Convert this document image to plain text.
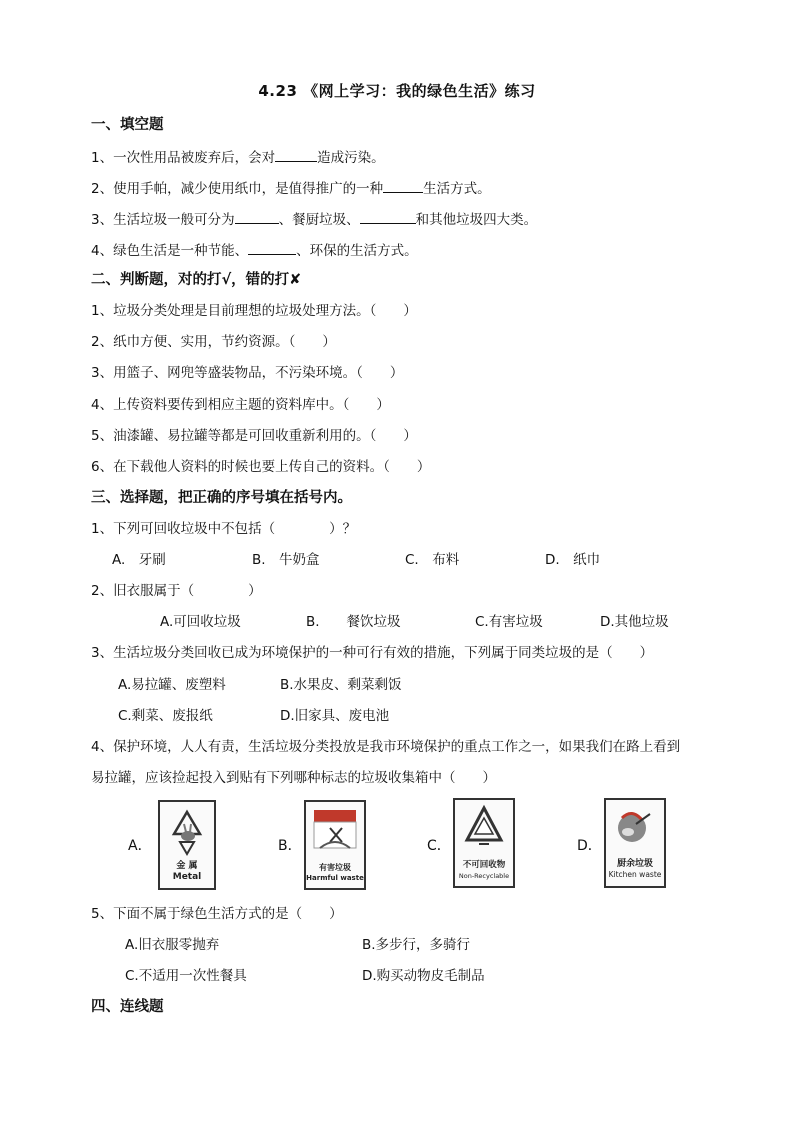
4.23 《网上学习：我的绿色生活》练习
一、填空题
1、一次性用品被废弃后，会对	造成污染。
2、使用手帕，减少使用纸巾，是值得推广的一种	生活方式。
3、生活垃圾一般可分为	、餐厨垃圾、	和其他垃圾四大类。
4、绿色生活是一种节能、	、环保的生活方式。
二、判断题，对的打√，错的打✘
1、垃圾分类处理是目前理想的垃圾处理方法。（　　）
2、纸巾方便、实用，节约资源。（　　）
3、用篮子、网兜等盛装物品，不污染环境。（　　）
4、上传资料要传到相应主题的资料库中。（　　）
5、油漆罐、易拉罐等都是可回收重新利用的。（　　）
6、在下载他人资料的时候也要上传自己的资料。（　　）
三、选择题，把正确的序号填在括号内。
1、下列可回收垃圾中不包括（　　　　）？
A.　牙刷	B.　牛奶盒	C.　布料	D.　纸巾
2、旧衣服属于（　　　　）
A.可回收垃圾	B.　　餐饮垃圾	C.有害垃圾	D.其他垃圾
3、生活垃圾分类回收已成为环境保护的一种可行有效的措施，下列属于同类垃圾的是（　　）
A.易拉罐、废塑料	B.水果皮、剩菜剩饭
C.剩菜、废报纸	D.旧家具、废电池
4、保护环境，人人有责，生活垃圾分类投放是我市环境保护的重点工作之一，如果我们在路上看到
易拉罐，应该捡起投入到贴有下列哪种标志的垃圾收集箱中（　　）
A．
金 属
Metal
B．
有害垃圾
Harmful waste
C．
不可回收物
Non-Recyclable
D．
厨余垃圾
Kitchen waste
5、下面不属于绿色生活方式的是（　　）
A.旧衣服零抛弃	B.多步行，多骑行
C.不适用一次性餐具	D.购买动物皮毛制品
四、连线题
